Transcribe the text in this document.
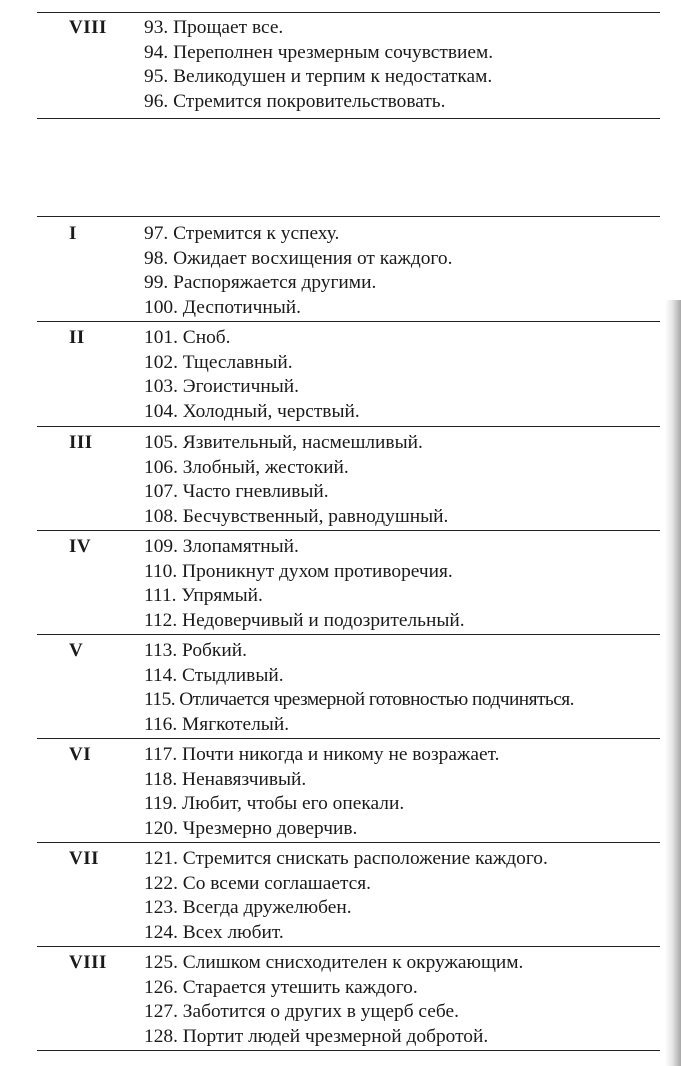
VIII 93. Прощает все.
94. Переполнен чрезмерным сочувствием.
95. Великодушен и терпим к недостаткам.
96. Стремится покровительствовать.
I	97. Стремится к успеху.
98. Ожидает восхищения от каждого.
99. Распоряжается другими.
100. Деспотичный.
II	101. Сноб.
102. Тщеславный.
103. Эгоистичный.
104. Холодный, черствый.
III	105. Язвительный, насмешливый.
106. Злобный, жестокий.
107. Часто гневливый.
108. Бесчувственный, равнодушный.
IV	109. Злопамятный.
110. Проникнут духом противоречия.
111. Упрямый.
112. Недоверчивый и подозрительный.
V	113. Робкий.
114. Стыдливый.
115. Отличается чрезмерной готовностью подчиняться.
116. Мягкотелый.
VI	117. Почти никогда и никому не возражает.
118. Ненавязчивый.
119. Любит, чтобы его опекали.
120. Чрезмерно доверчив.
VII 121. Стремится снискать расположение каждого.
122. Со всеми соглашается.
123. Всегда дружелюбен.
124. Всех любит.
VIII 125. Слишком снисходителен к окружающим.
126. Старается утешить каждого.
127. Заботится о других в ущерб себе.
128. Портит людей чрезмерной добротой.
